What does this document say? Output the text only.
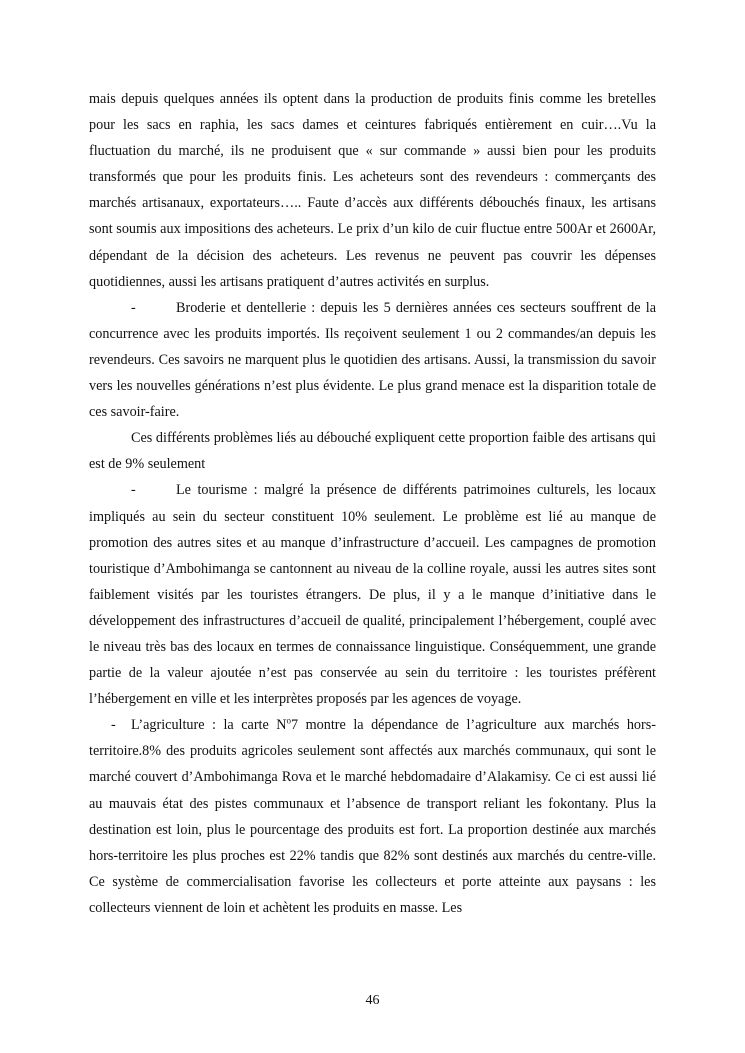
mais depuis quelques années ils optent dans la production de produits finis comme les bretelles pour les sacs en raphia, les sacs dames et ceintures fabriqués entièrement en cuir….Vu la fluctuation du marché, ils ne produisent que « sur commande » aussi bien pour les produits transformés que pour les produits finis. Les acheteurs sont des revendeurs : commerçants des marchés artisanaux, exportateurs….. Faute d’accès aux différents débouchés finaux, les artisans sont soumis aux impositions des acheteurs. Le prix d’un kilo de cuir fluctue entre 500Ar et 2600Ar, dépendant de la décision des acheteurs. Les revenus ne peuvent pas couvrir les dépenses quotidiennes, aussi les artisans pratiquent d’autres activités en surplus.

-	Broderie et dentellerie : depuis les 5 dernières années ces secteurs souffrent de la concurrence avec les produits importés. Ils reçoivent seulement 1 ou 2 commandes/an depuis les revendeurs. Ces savoirs ne marquent plus le quotidien des artisans. Aussi, la transmission du savoir vers les nouvelles générations n’est plus évidente. Le plus grand menace est la disparition totale de ces savoir-faire.

Ces différents problèmes liés au débouché expliquent cette proportion faible des artisans qui est de 9% seulement

-	Le tourisme : malgré la présence de différents patrimoines culturels, les locaux impliqués au sein du secteur constituent 10% seulement. Le problème est lié au manque de promotion des autres sites et au manque d’infrastructure d’accueil. Les campagnes de promotion touristique d’Ambohimanga se cantonnent au niveau de la colline royale, aussi les autres sites sont faiblement visités par les touristes étrangers. De plus, il y a le manque d’initiative dans le développement des infrastructures d’accueil de qualité, principalement l’hébergement, couplé avec le niveau très bas des locaux en termes de connaissance linguistique. Conséquemment, une grande partie de la valeur ajoutée n’est pas conservée au sein du territoire : les touristes préfèrent l’hébergement en ville et les interprètes proposés par les agences de voyage.

- L’agriculture : la carte $N^o7$ montre la dépendance de l’agriculture aux marchés hors-territoire.8% des produits agricoles seulement sont affectés aux marchés communaux, qui sont le marché couvert d’Ambohimanga Rova et le marché hebdomadaire d’Alakamisy. Ce ci est aussi lié au mauvais état des pistes communaux et l’absence de transport reliant les fokontany. Plus la destination est loin, plus le pourcentage des produits est fort. La proportion destinée aux marchés hors-territoire les plus proches est 22% tandis que 82% sont destinés aux marchés du centre-ville. Ce système de commercialisation favorise les collecteurs et porte atteinte aux paysans : les collecteurs viennent de loin et achètent les produits en masse. Les

46
